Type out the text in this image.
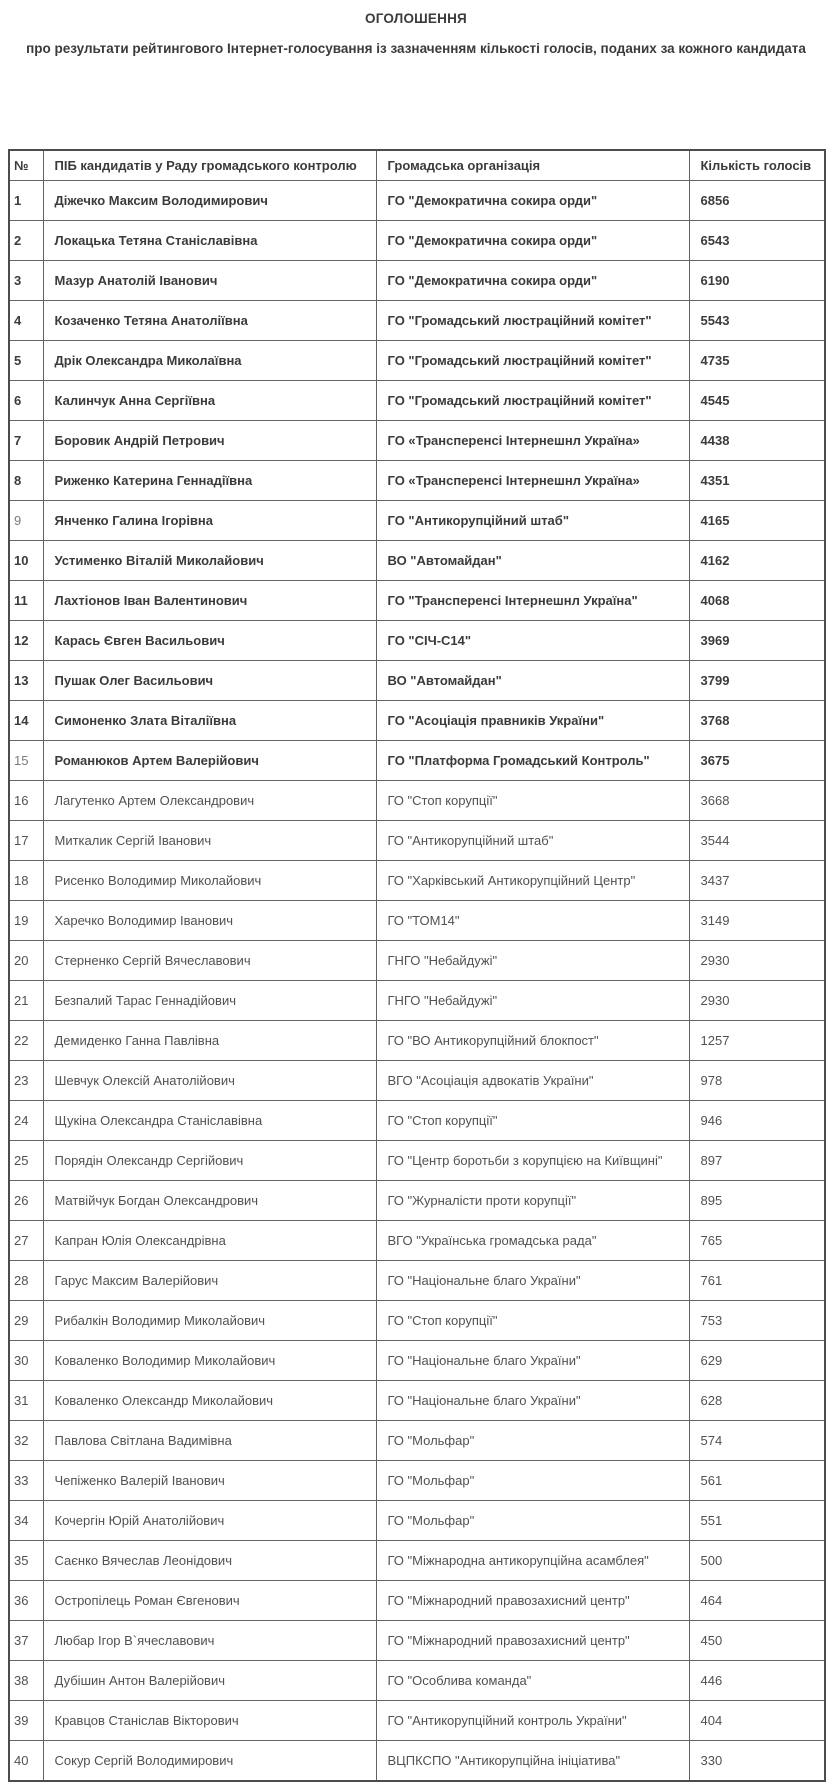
ОГОЛОШЕННЯ
про результати рейтингового Інтернет-голосування із зазначенням кількості голосів, поданих за кожного кандидата
№	ПІБ кандидатів у Раду громадського контролю	Громадська організація	Кількість голосів
1	Діжечко Максим Володимирович	ГО "Демократична сокира орди"	6856
2	Локацька Тетяна Станіславівна	ГО "Демократична сокира орди"	6543
3	Мазур Анатолій Іванович	ГО "Демократична сокира орди"	6190
4	Козаченко Тетяна Анатоліївна	ГО "Громадський люстраційний комітет"	5543
5	Дрік Олександра Миколаївна	ГО "Громадський люстраційний комітет"	4735
6	Калинчук Анна Сергіївна	ГО "Громадський люстраційний комітет"	4545
7	Боровик Андрій Петрович	ГО «Трансперенсі Інтернешнл Україна»	4438
8	Риженко Катерина Геннадіївна	ГО «Трансперенсі Інтернешнл Україна»	4351
9	Янченко Галина Ігорівна	ГО "Антикорупційний штаб"	4165
10	Устименко Віталій Миколайович	ВО "Автомайдан"	4162
11	Лахтіонов Іван Валентинович	ГО "Трансперенсі Інтернешнл Україна"	4068
12	Карась Євген Васильович	ГО "СІЧ-С14"	3969
13	Пушак Олег Васильович	ВО "Автомайдан"	3799
14	Симоненко Злата Віталіївна	ГО "Асоціація правників України"	3768
15	Романюков Артем Валерійович	ГО "Платформа Громадський Контроль"	3675
16	Лагутенко Артем Олександрович	ГО "Стоп корупції"	3668
17	Миткалик Сергій Іванович	ГО "Антикорупційний штаб"	3544
18	Рисенко Володимир Миколайович	ГО "Харківський Антикорупційний Центр"	3437
19	Харечко Володимир Іванович	ГО "ТОМ14"	3149
20	Стерненко Сергій Вячеславович	ГНГО "Небайдужі"	2930
21	Безпалий Тарас Геннадійович	ГНГО "Небайдужі"	2930
22	Демиденко Ганна Павлівна	ГО "ВО Антикорупційний блокпост"	1257
23	Шевчук Олексій Анатолійович	ВГО "Асоціація адвокатів України"	978
24	Щукіна Олександра Станіславівна	ГО "Стоп корупції"	946
25	Порядін Олександр Сергійович	ГО "Центр боротьби з корупцією на Київщині"	897
26	Матвійчук Богдан Олександрович	ГО "Журналісти проти корупції"	895
27	Капран Юлія Олександрівна	ВГО "Українська громадська рада"	765
28	Гарус Максим Валерійович	ГО "Національне благо України"	761
29	Рибалкін Володимир Миколайович	ГО "Стоп корупції"	753
30	Коваленко Володимир Миколайович	ГО "Національне благо України"	629
31	Коваленко Олександр Миколайович	ГО "Національне благо України"	628
32	Павлова Світлана Вадимівна	ГО "Мольфар"	574
33	Чепіженко Валерій Іванович	ГО "Мольфар"	561
34	Кочергін Юрій Анатолійович	ГО "Мольфар"	551
35	Саєнко Вячеслав Леонідович	ГО "Міжнародна антикорупційна асамблея"	500
36	Остропілець Роман Євгенович	ГО "Міжнародний правозахисний центр"	464
37	Любар Ігор В`ячеславович	ГО "Міжнародний правозахисний центр"	450
38	Дубішин Антон Валерійович	ГО "Особлива команда"	446
39	Кравцов Станіслав Вікторович	ГО "Антикорупційний контроль України"	404
40	Сокур Сергій Володимирович	ВЦПКСПО "Антикорупційна ініціатива"	330
